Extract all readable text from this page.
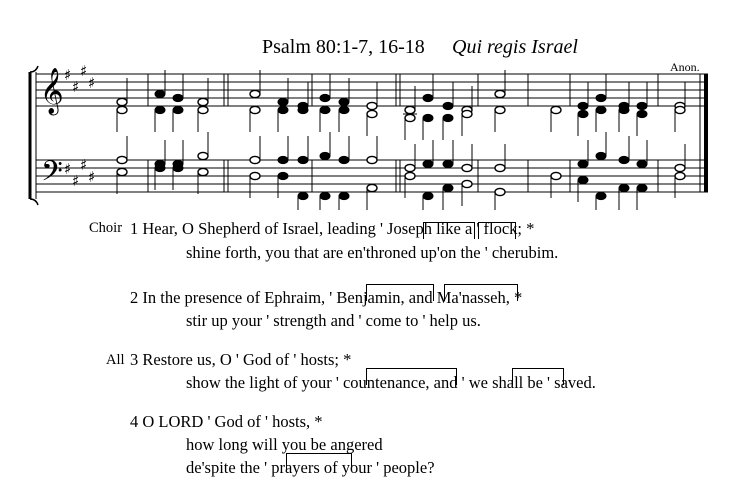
Psalm 80:1-7, 16-18 Qui regis Israel
Anon.
𝄞
𝄢
♯
♯
♯
♯
♯
♯
♯
♯
Choir 1 Hear, O Shepherd of Israel, leading ' Joseph like a ' flock; *
shine forth, you that are en'throned up'on the ' cherubim.
2 In the presence of Ephraim, ' Benjamin, and Ma'nasseh, *
stir up your ' strength and ' come to ' help us.
All 3 Restore us, O ' God of ' hosts; *
show the light of your ' countenance, and ' we shall be ' saved.
4 O LORD ' God of ' hosts, *
how long will you be angered
de'spite the ' prayers of your ' people?
